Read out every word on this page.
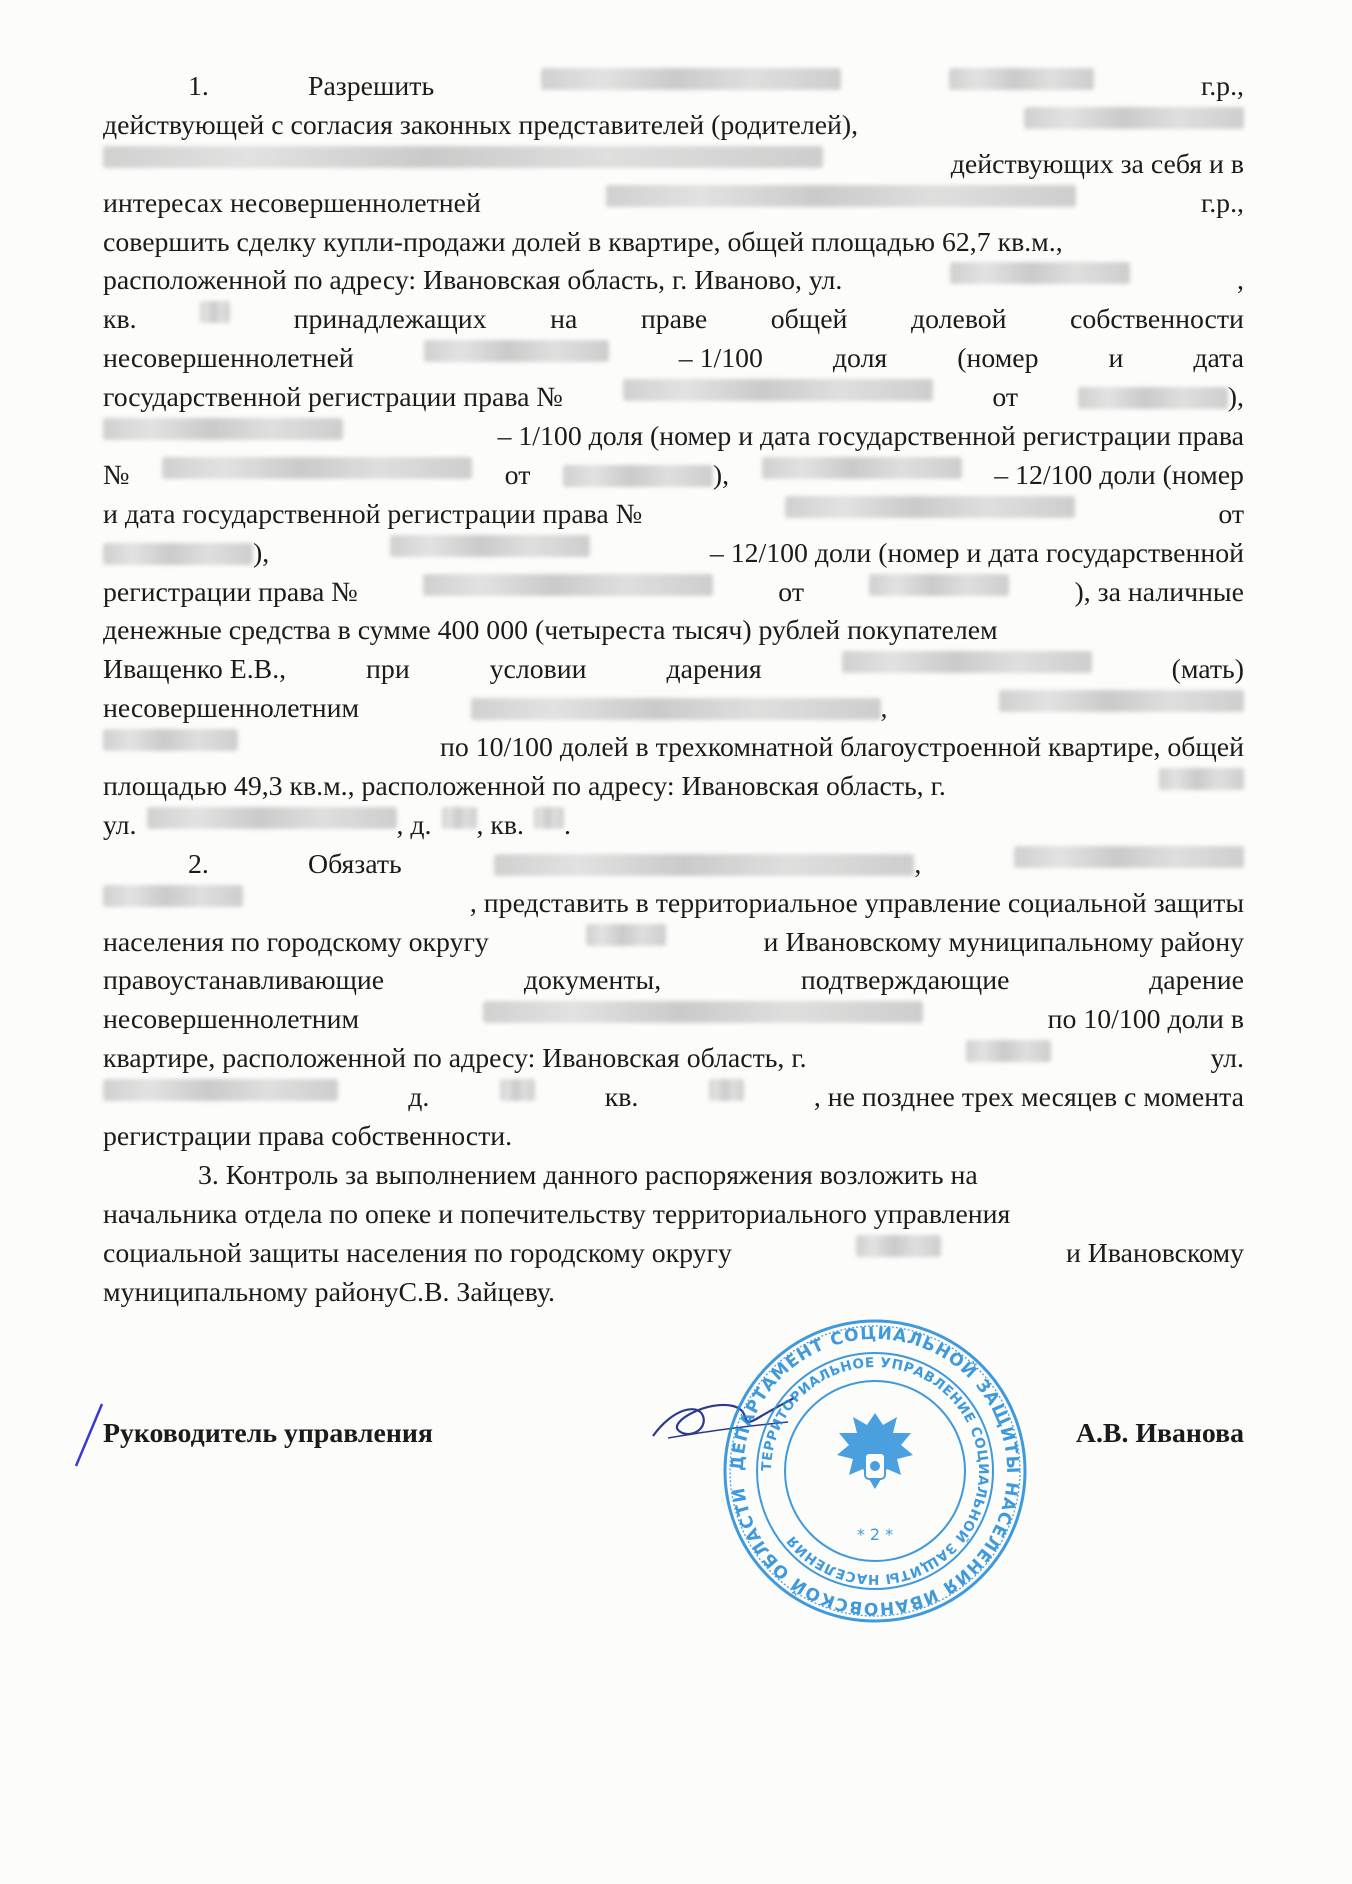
1.	Разрешить	г.р.,
действующей с согласия законных представителей (родителей),
действующих за себя и в
интересах несовершеннолетней	г.р.,
совершить сделку купли-продажи долей в квартире, общей площадью 62,7 кв.м.,
расположенной по адресу: Ивановская область, г. Иваново, ул.	,
кв.	принадлежащих на праве общей долевой собственности
несовершеннолетней	– 1/100	доля	(номер	и	дата
государственной регистрации права №	от	),
– 1/100 доля (номер и дата государственной регистрации права
№	от	),	– 12/100 доли (номер
и дата государственной регистрации права №	от
),	– 12/100 доли (номер и дата государственной
регистрации права №	от	), за наличные
денежные средства в сумме 400 000 (четыреста тысяч) рублей покупателем
Иващенко Е.В.,	при	условии	дарения	(мать)
несовершеннолетним	,
по 10/100 долей в трехкомнатной благоустроенной квартире, общей
площадью 49,3 кв.м., расположенной по адресу: Ивановская область, г.
ул.	, д. , кв. .
2.	Обязать	,
, представить в территориальное управление социальной защиты
населения по городскому округу	и Ивановскому муниципальному району
правоустанавливающие	документы,	подтверждающие	дарение
несовершеннолетним	по 10/100 доли в
квартире, расположенной по адресу: Ивановская область, г.	ул.
д.	кв.	, не позднее трех месяцев с момента
регистрации права собственности.
3. Контроль за выполнением данного распоряжения возложить на
начальника отдела по опеке и попечительству территориального управления
социальной защиты населения по городскому округу	и Ивановскому
муниципальному районуС.В. Зайцеву.
Руководитель управления	А.В. Иванова
ДЕПАРТАМЕНТ СОЦИАЛЬНОЙ ЗАЩИТЫ НАСЕЛЕНИЯ ИВАНОВСКОЙ ОБЛАСТИ
ТЕРРИТОРИАЛЬНОЕ УПРАВЛЕНИЕ СОЦИАЛЬНОЙ ЗАЩИТЫ НАСЕЛЕНИЯ	* 2 *
